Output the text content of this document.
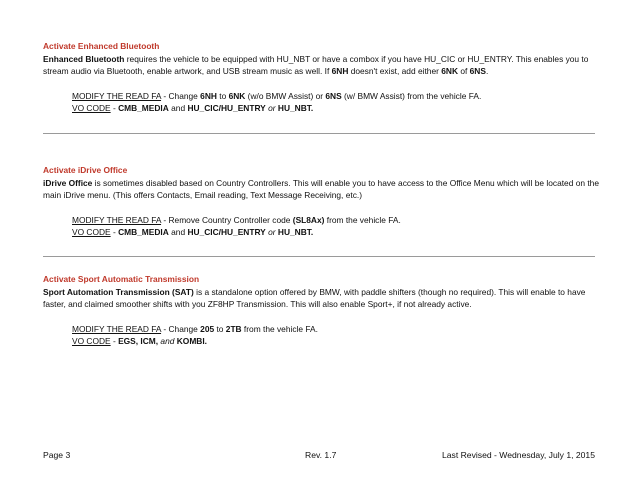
Activate Enhanced Bluetooth
Enhanced Bluetooth requires the vehicle to be equipped with HU_NBT or have a combox if you have HU_CIC or HU_ENTRY. This enables you to stream audio via Bluetooth, enable artwork, and USB stream music as well. If 6NH doesn't exist, add either 6NK of 6NS.
MODIFY THE READ FA - Change 6NH to 6NK (w/o BMW Assist) or 6NS (w/ BMW Assist) from the vehicle FA.
VO CODE - CMB_MEDIA and HU_CIC/HU_ENTRY or HU_NBT.
Activate iDrive Office
iDrive Office is sometimes disabled based on Country Controllers. This will enable you to have access to the Office Menu which will be located on the main iDrive menu. (This offers Contacts, Email reading, Text Message Receiving, etc.)
MODIFY THE READ FA - Remove Country Controller code (SL8Ax) from the vehicle FA.
VO CODE - CMB_MEDIA and HU_CIC/HU_ENTRY or HU_NBT.
Activate Sport Automatic Transmission
Sport Automation Transmission (SAT) is a standalone option offered by BMW, with paddle shifters (though no required). This will enable to have faster, and claimed smoother shifts with you ZF8HP Transmission. This will also enable Sport+, if not already active.
MODIFY THE READ FA - Change 205 to 2TB from the vehicle FA.
VO CODE - EGS, ICM, and KOMBI.
Page 3	Rev. 1.7	Last Revised - Wednesday, July 1, 2015
